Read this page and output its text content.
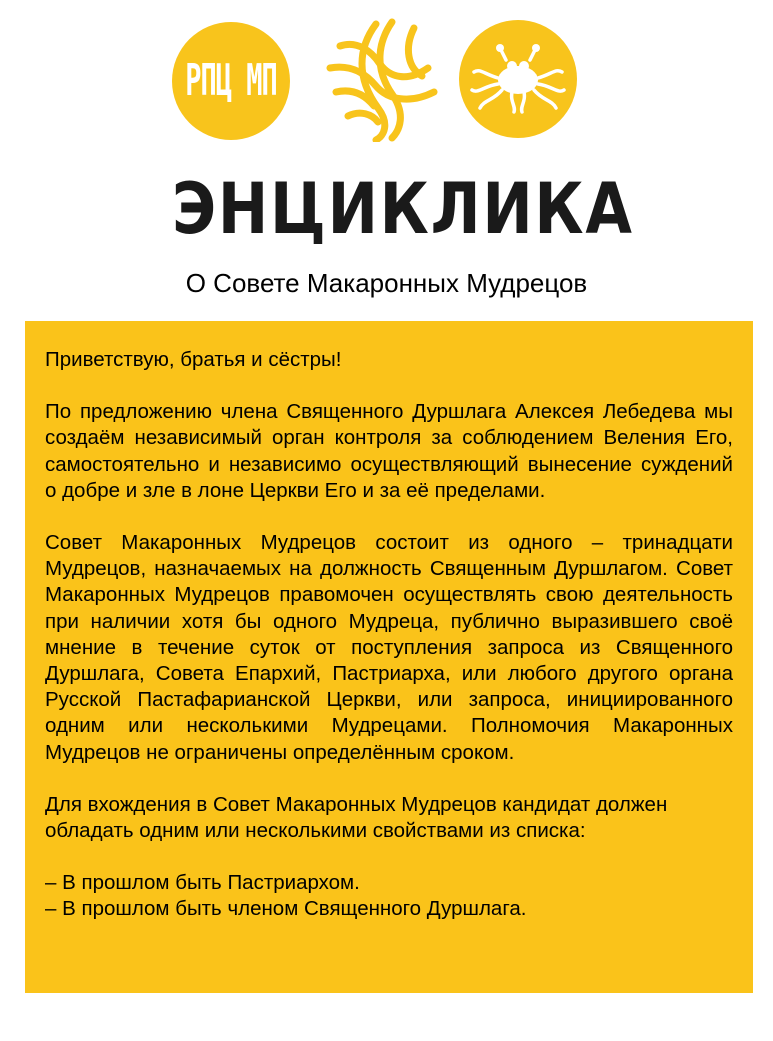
РПЦ МП
ЭНЦИКЛИКА
О Совете Макаронных Мудрецов

Приветствую, братья и сёстры!

По предложению члена Священного Дуршлага Алексея Лебедева мы создаём независимый орган контроля за соблюдением Веления Его, самостоятельно и независимо осуществляющий вынесение суждений о добре и зле в лоне Церкви Его и за её пределами.

Совет Макаронных Мудрецов состоит из одного – тринадцати Мудрецов, назначаемых на должность Священным Дуршлагом. Совет Макаронных Мудрецов правомочен осуществлять свою деятельность при наличии хотя бы одного Мудреца, публично выразившего своё мнение в течение суток от поступления запроса из Священного Дуршлага, Совета Епархий, Пастриарха, или любого другого органа Русской Пастафарианской Церкви, или запроса, инициированного одним или несколькими Мудрецами. Полномочия Макаронных Мудрецов не ограничены определённым сроком.

Для вхождения в Совет Макаронных Мудрецов кандидат должен обладать одним или несколькими свойствами из списка:

– В прошлом быть Пастриархом.
– В прошлом быть членом Священного Дуршлага.
